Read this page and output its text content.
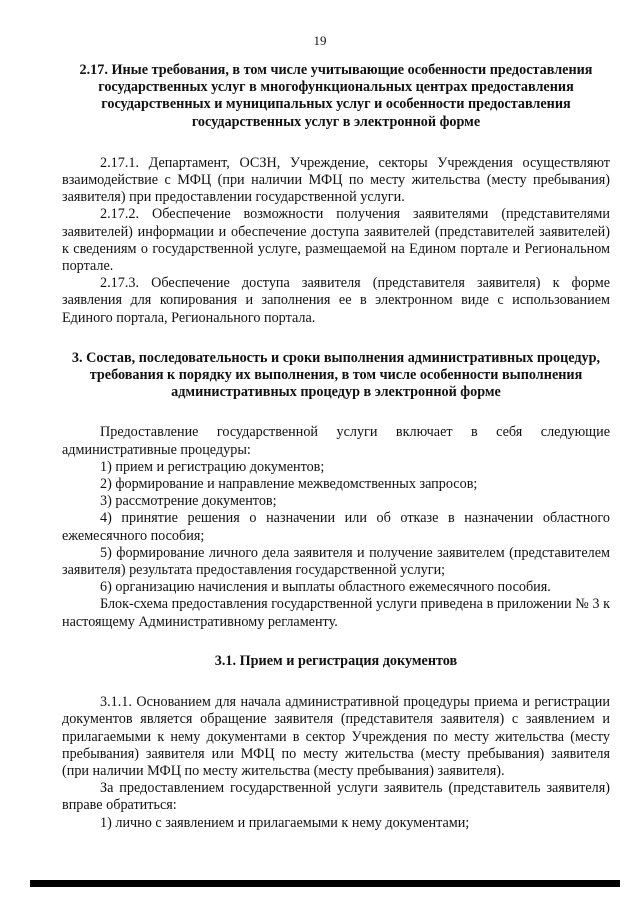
19

2.17. Иные требования, в том числе учитывающие особенности предоставления государственных услуг в многофункциональных центрах предоставления государственных и муниципальных услуг и особенности предоставления государственных услуг в электронной форме

2.17.1. Департамент, ОСЗН, Учреждение, секторы Учреждения осуществляют взаимодействие с МФЦ (при наличии МФЦ по месту жительства (месту пребывания) заявителя) при предоставлении государственной услуги.

2.17.2. Обеспечение возможности получения заявителями (представителями заявителей) информации и обеспечение доступа заявителей (представителей заявителей) к сведениям о государственной услуге, размещаемой на Едином портале и Региональном портале.

2.17.3. Обеспечение доступа заявителя (представителя заявителя) к форме заявления для копирования и заполнения ее в электронном виде с использованием Единого портала, Регионального портала.

3. Состав, последовательность и сроки выполнения административных процедур, требования к порядку их выполнения, в том числе особенности выполнения административных процедур в электронной форме

Предоставление государственной услуги включает в себя следующие административные процедуры:

1) прием и регистрацию документов;

2) формирование и направление межведомственных запросов;

3) рассмотрение документов;

4) принятие решения о назначении или об отказе в назначении областного ежемесячного пособия;

5) формирование личного дела заявителя и получение заявителем (представителем заявителя) результата предоставления государственной услуги;

6) организацию начисления и выплаты областного ежемесячного пособия.

Блок-схема предоставления государственной услуги приведена в приложении № 3 к настоящему Административному регламенту.

3.1. Прием и регистрация документов

3.1.1. Основанием для начала административной процедуры приема и регистрации документов является обращение заявителя (представителя заявителя) с заявлением и прилагаемыми к нему документами в сектор Учреждения по месту жительства (месту пребывания) заявителя или МФЦ по месту жительства (месту пребывания) заявителя (при наличии МФЦ по месту жительства (месту пребывания) заявителя).

За предоставлением государственной услуги заявитель (представитель заявителя) вправе обратиться:

1) лично с заявлением и прилагаемыми к нему документами;
